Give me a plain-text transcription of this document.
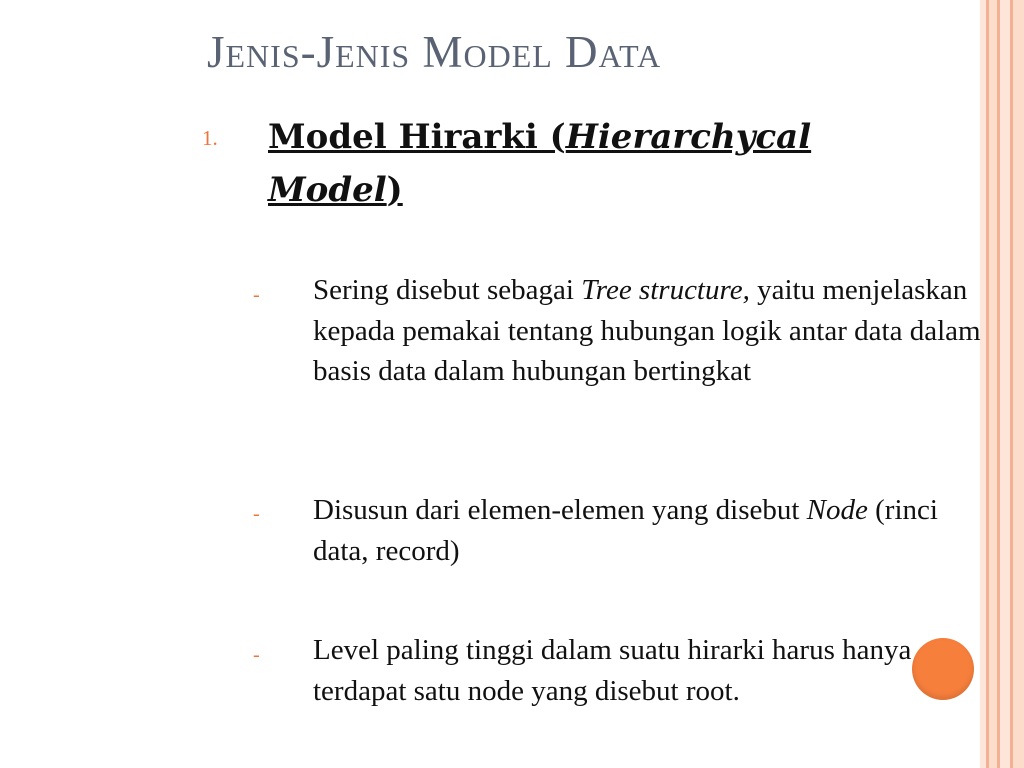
Jenis-Jenis Model Data
1. Model Hirarki (Hierarchycal Model)
- Sering disebut sebagai Tree structure, yaitu menjelaskan kepada pemakai tentang hubungan logik antar data dalam basis data dalam hubungan bertingkat
- Disusun dari elemen-elemen yang disebut Node (rinci data, record)
- Level paling tinggi dalam suatu hirarki harus hanya terdapat satu node yang disebut root.
